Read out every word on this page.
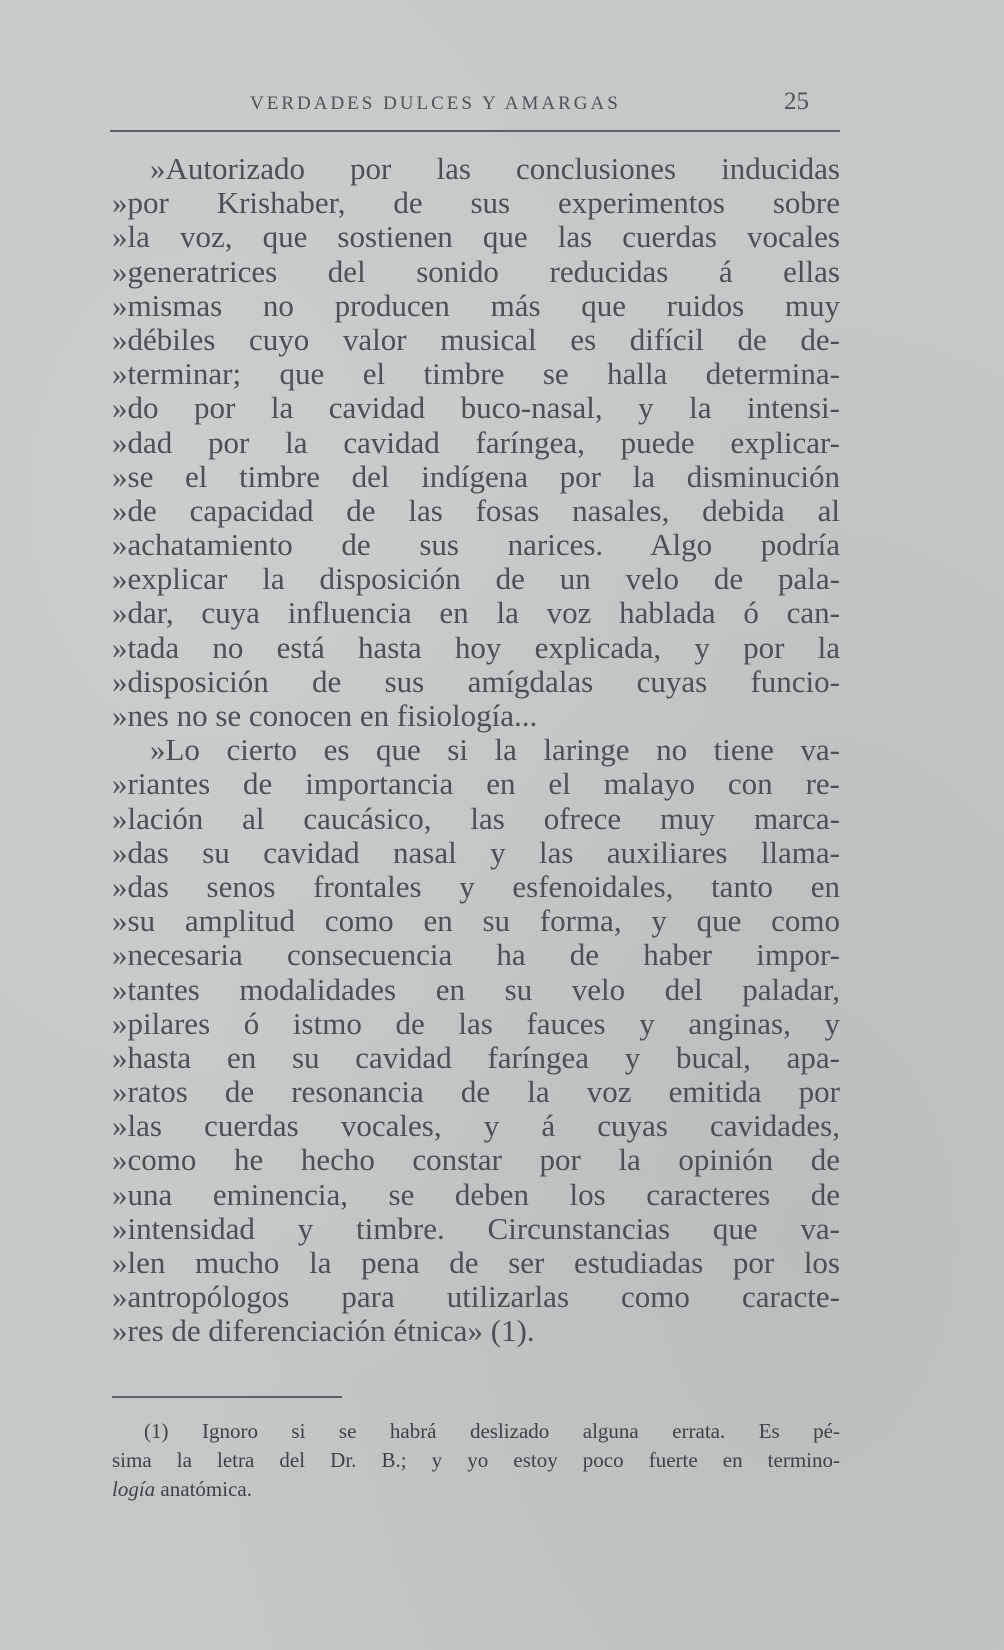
VERDADES DULCES Y AMARGAS	25
»Autorizado por las conclusiones inducidas
»por Krishaber, de sus experimentos sobre
»la voz, que sostienen que las cuerdas vocales
»generatrices del sonido reducidas á ellas
»mismas no producen más que ruidos muy
»débiles cuyo valor musical es difícil de de-
»terminar; que el timbre se halla determina-
»do por la cavidad buco-nasal, y la intensi-
»dad por la cavidad faríngea, puede explicar-
»se el timbre del indígena por la disminución
»de capacidad de las fosas nasales, debida al
»achatamiento de sus narices. Algo podría
»explicar la disposición de un velo de pala-
»dar, cuya influencia en la voz hablada ó can-
»tada no está hasta hoy explicada, y por la
»disposición de sus amígdalas cuyas funcio-
»nes no se conocen en fisiología...
»Lo cierto es que si la laringe no tiene va-
»riantes de importancia en el malayo con re-
»lación al caucásico, las ofrece muy marca-
»das su cavidad nasal y las auxiliares llama-
»das senos frontales y esfenoidales, tanto en
»su amplitud como en su forma, y que como
»necesaria consecuencia ha de haber impor-
»tantes modalidades en su velo del paladar,
»pilares ó istmo de las fauces y anginas, y
»hasta en su cavidad faríngea y bucal, apa-
»ratos de resonancia de la voz emitida por
»las cuerdas vocales, y á cuyas cavidades,
»como he hecho constar por la opinión de
»una eminencia, se deben los caracteres de
»intensidad y timbre. Circunstancias que va-
»len mucho la pena de ser estudiadas por los
»antropólogos para utilizarlas como caracte-
»res de diferenciación étnica» (1).
(1) Ignoro si se habrá deslizado alguna errata. Es pé-
sima la letra del Dr. B.; y yo estoy poco fuerte en termino-
logía anatómica.
